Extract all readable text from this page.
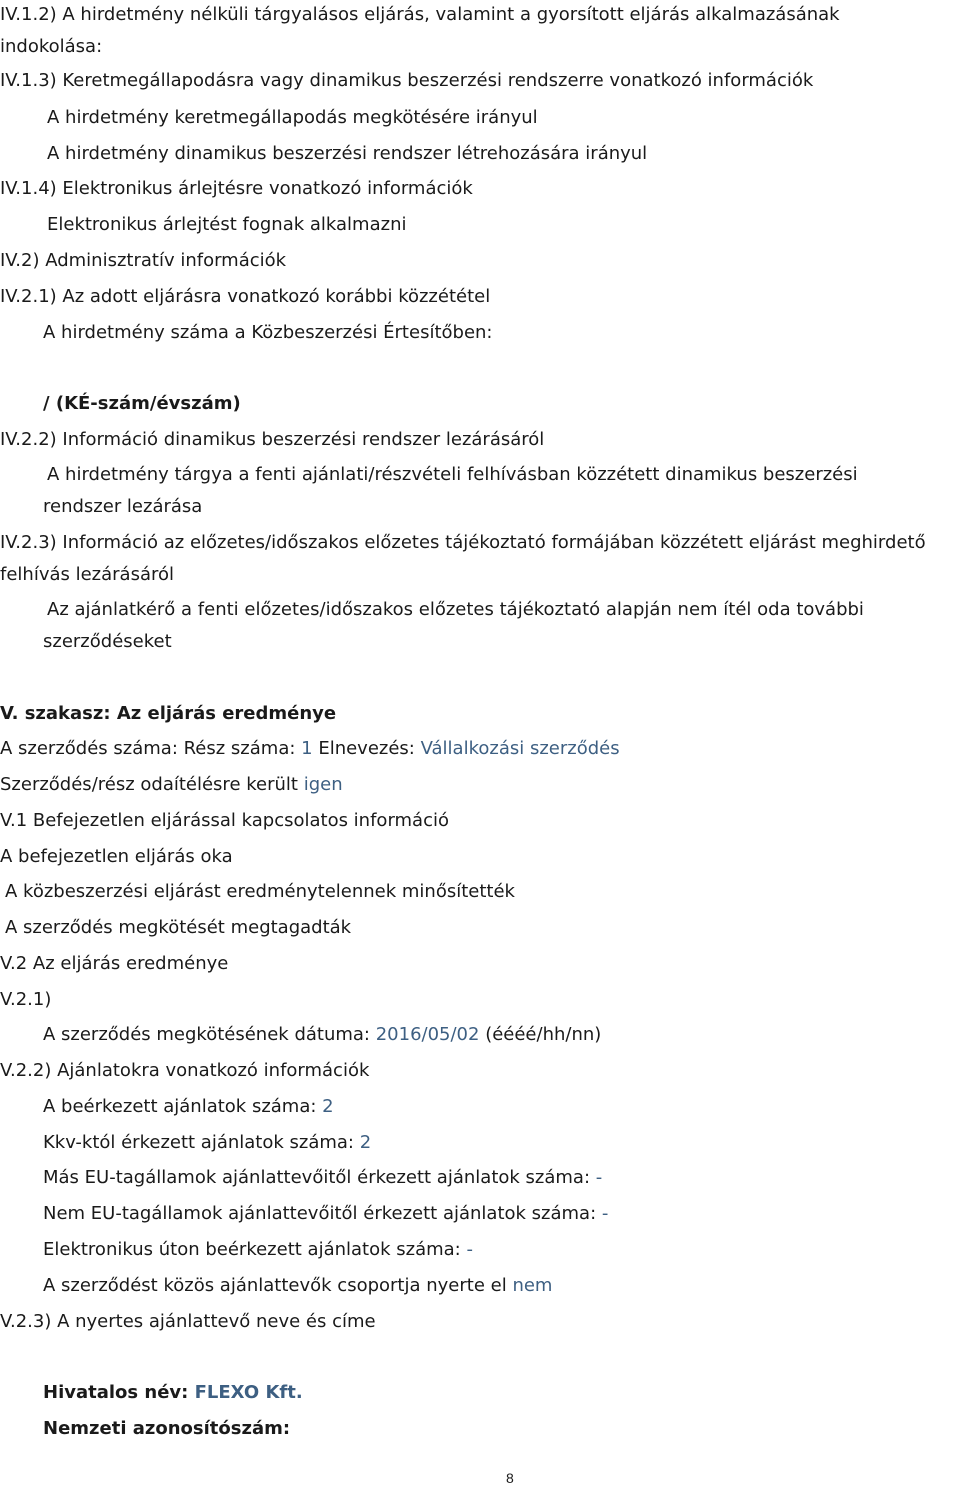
IV.1.2) A hirdetmény nélküli tárgyalásos eljárás, valamint a gyorsított eljárás alkalmazásának
indokolása:
IV.1.3) Keretmegállapodásra vagy dinamikus beszerzési rendszerre vonatkozó információk
A hirdetmény keretmegállapodás megkötésére irányul
A hirdetmény dinamikus beszerzési rendszer létrehozására irányul
IV.1.4) Elektronikus árlejtésre vonatkozó információk
Elektronikus árlejtést fognak alkalmazni
IV.2) Adminisztratív információk
IV.2.1) Az adott eljárásra vonatkozó korábbi közzététel
A hirdetmény száma a Közbeszerzési Értesítőben:
/ (KÉ-szám/évszám)
IV.2.2) Információ dinamikus beszerzési rendszer lezárásáról
A hirdetmény tárgya a fenti ajánlati/részvételi felhívásban közzétett dinamikus beszerzési
rendszer lezárása
IV.2.3) Információ az előzetes/időszakos előzetes tájékoztató formájában közzétett eljárást meghirdető
felhívás lezárásáról
Az ajánlatkérő a fenti előzetes/időszakos előzetes tájékoztató alapján nem ítél oda további
szerződéseket
V. szakasz: Az eljárás eredménye
A szerződés száma: Rész száma: 1 Elnevezés: Vállalkozási szerződés
Szerződés/rész odaítélésre került igen
V.1 Befejezetlen eljárással kapcsolatos információ
A befejezetlen eljárás oka
A közbeszerzési eljárást eredménytelennek minősítették
A szerződés megkötését megtagadták
V.2 Az eljárás eredménye
V.2.1)
A szerződés megkötésének dátuma: 2016/05/02 (éééé/hh/nn)
V.2.2) Ajánlatokra vonatkozó információk
A beérkezett ajánlatok száma: 2
Kkv-któl érkezett ajánlatok száma: 2
Más EU-tagállamok ajánlattevőitől érkezett ajánlatok száma: -
Nem EU-tagállamok ajánlattevőitől érkezett ajánlatok száma: -
Elektronikus úton beérkezett ajánlatok száma: -
A szerződést közös ajánlattevők csoportja nyerte el nem
V.2.3) A nyertes ajánlattevő neve és címe
Hivatalos név: FLEXO Kft.
Nemzeti azonosítószám:
8
